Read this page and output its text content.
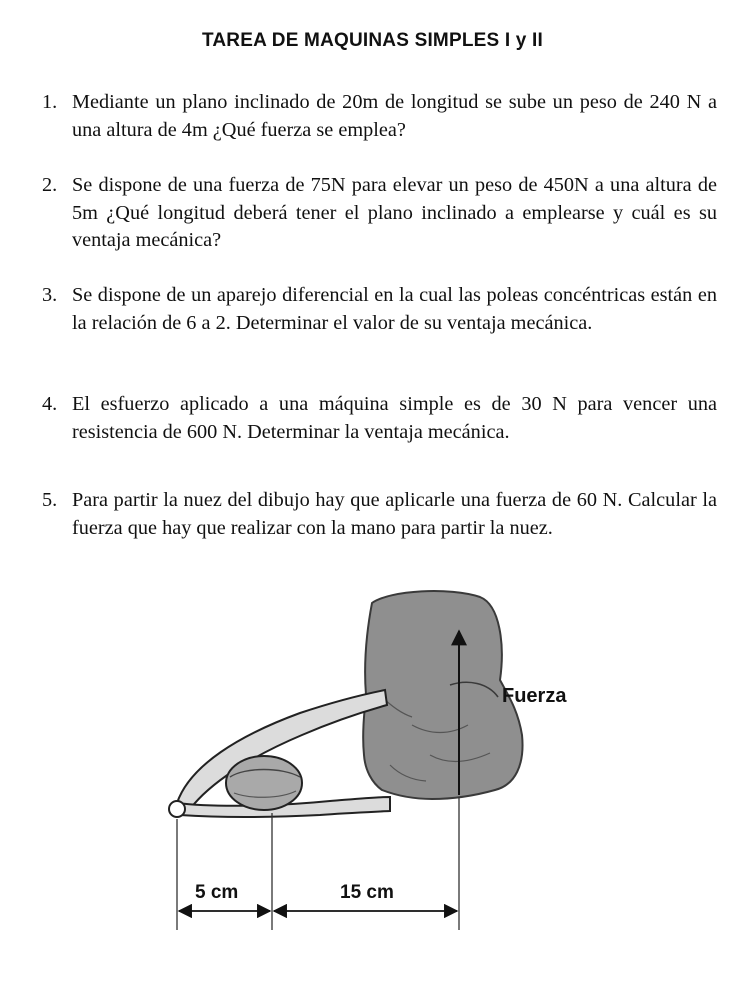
TAREA DE MAQUINAS SIMPLES I y II
1. Mediante un plano inclinado de 20m de longitud se sube un peso de 240 N a una altura de 4m ¿Qué fuerza se emplea?
2. Se dispone de una fuerza de 75N para elevar un peso de 450N a una altura de 5m ¿Qué longitud deberá tener el plano inclinado a emplearse y cuál es su ventaja mecánica?
3. Se dispone de un aparejo diferencial en la cual las poleas concéntricas están en la relación de 6 a 2. Determinar el valor de su ventaja mecánica.
4. El esfuerzo aplicado a una máquina simple es de 30 N para vencer una resistencia de 600 N. Determinar la ventaja mecánica.
5. Para partir la nuez del dibujo hay que aplicarle una fuerza de 60 N. Calcular la fuerza que hay que realizar con la mano para partir la nuez.
Fuerza
5 cm	15 cm
